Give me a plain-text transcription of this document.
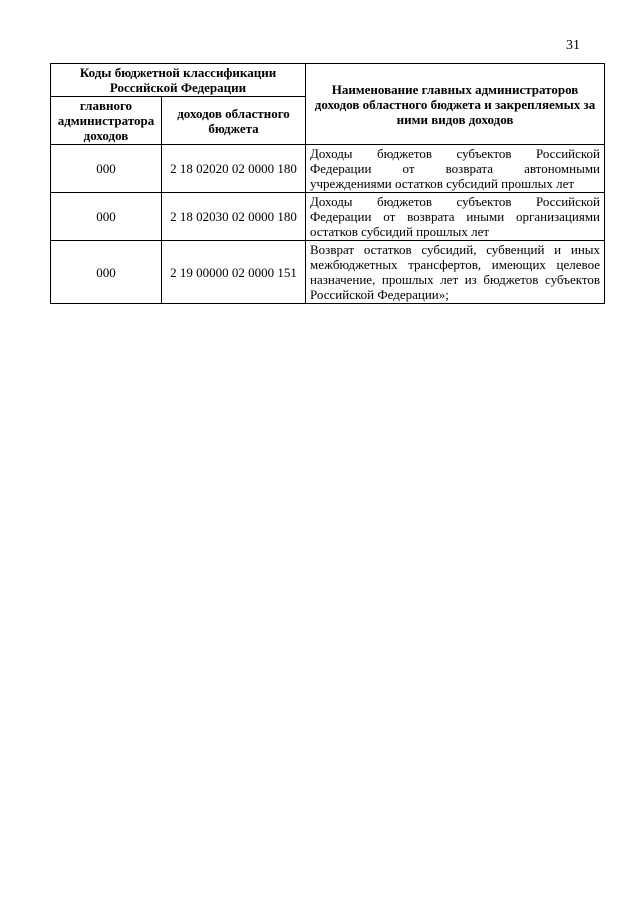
31
Коды бюджетной классификации Российской Федерации		Наименование главных администраторов доходов областного бюджета и закрепляемых за ними видов доходов
главного администратора доходов	доходов областного бюджета	
000	2 18 02020 02 0000 180	Доходы бюджетов субъектов Российской Федерации от возврата автономными учреждениями остатков субсидий прошлых лет
000	2 18 02030 02 0000 180	Доходы бюджетов субъектов Российской Федерации от возврата иными организациями остатков субсидий прошлых лет
000	2 19 00000 02 0000 151	Возврат остатков субсидий, субвенций и иных межбюджетных трансфертов, имеющих целевое назначение, прошлых лет из бюджетов субъектов Российской Федерации»;
